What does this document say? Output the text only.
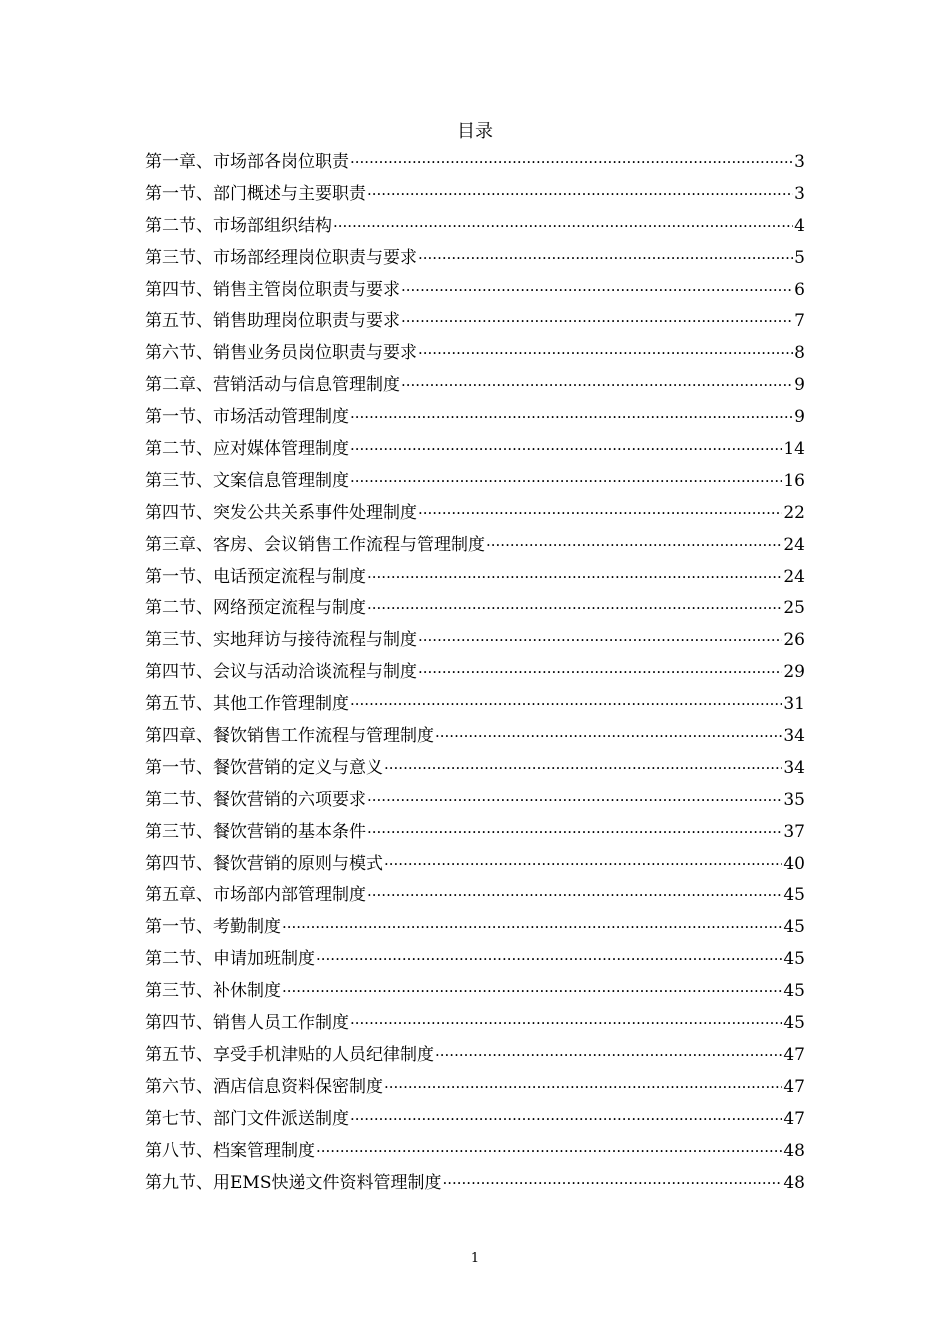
目录
第一章、市场部各岗位职责 ·····	3
第一节、部门概述与主要职责 ·····	3
第二节、市场部组织结构 ·····	4
第三节、市场部经理岗位职责与要求 ·····	5
第四节、销售主管岗位职责与要求 ·····	6
第五节、销售助理岗位职责与要求 ·····	7
第六节、销售业务员岗位职责与要求 ·····	8
第二章、营销活动与信息管理制度 ·····	9
第一节、市场活动管理制度 ·····	9
第二节、应对媒体管理制度 ·····	14
第三节、文案信息管理制度 ·····	16
第四节、突发公共关系事件处理制度 ·····	22
第三章、客房、会议销售工作流程与管理制度 ·····	24
第一节、电话预定流程与制度 ·····	24
第二节、网络预定流程与制度 ·····	25
第三节、实地拜访与接待流程与制度 ·····	26
第四节、会议与活动洽谈流程与制度 ·····	29
第五节、其他工作管理制度 ·····	31
第四章、餐饮销售工作流程与管理制度 ·····	34
第一节、餐饮营销的定义与意义 ·····	34
第二节、餐饮营销的六项要求 ·····	35
第三节、餐饮营销的基本条件 ·····	37
第四节、餐饮营销的原则与模式 ·····	40
第五章、市场部内部管理制度 ·····	45
第一节、考勤制度 ·····	45
第二节、申请加班制度 ·····	45
第三节、补休制度 ·····	45
第四节、销售人员工作制度 ·····	45
第五节、享受手机津贴的人员纪律制度 ·····	47
第六节、酒店信息资料保密制度 ·····	47
第七节、部门文件派送制度 ·····	47
第八节、档案管理制度 ·····	48
第九节、用EMS快递文件资料管理制度 ·····	48
1
